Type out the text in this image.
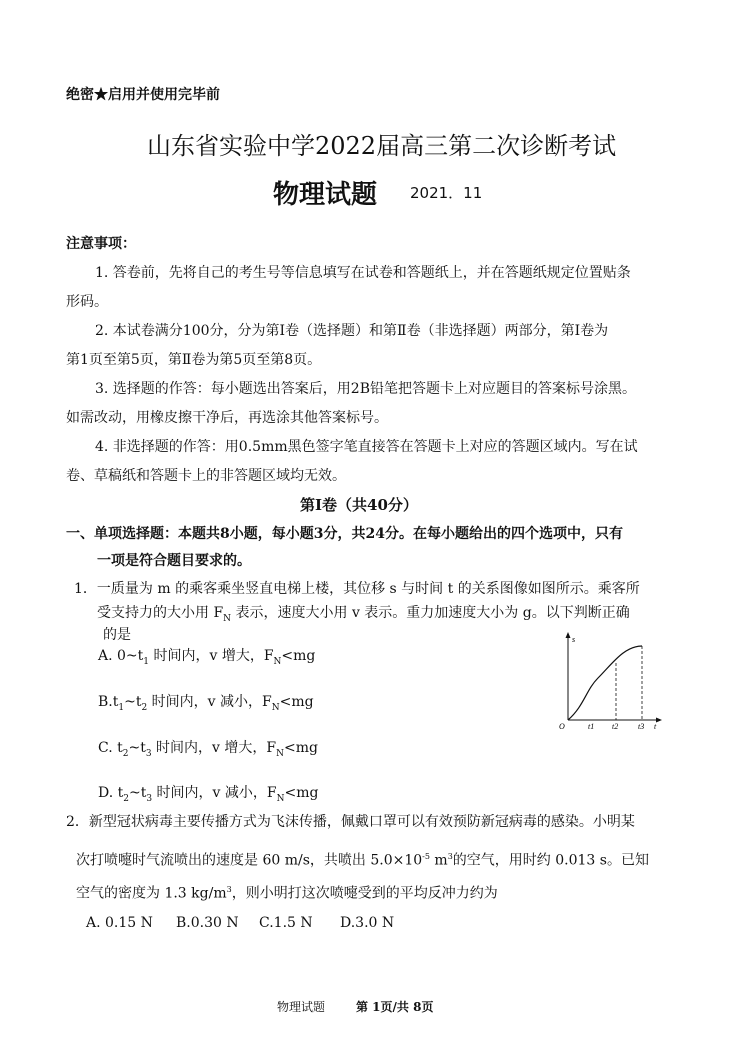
绝密★启用并使用完毕前
山东省实验中学2022届高三第二次诊断考试
物理试题 2021．11
注意事项：
1. 答卷前，先将自己的考生号等信息填写在试卷和答题纸上，并在答题纸规定位置贴条
形码。
2. 本试卷满分100分，分为第Ⅰ卷（选择题）和第Ⅱ卷（非选择题）两部分，第Ⅰ卷为
第1页至第5页，第Ⅱ卷为第5页至第8页。
3. 选择题的作答：每小题选出答案后，用2B铅笔把答题卡上对应题目的答案标号涂黑。
如需改动，用橡皮擦干净后，再选涂其他答案标号。
4. 非选择题的作答：用0.5mm黑色签字笔直接答在答题卡上对应的答题区域内。写在试
卷、草稿纸和答题卡上的非答题区域均无效。
第Ⅰ卷（共40分）
一、单项选择题：本题共8小题，每小题3分，共24分。在每小题给出的四个选项中，只有
一项是符合题目要求的。
1．一质量为 m 的乘客乘坐竖直电梯上楼，其位移 s 与时间 t 的关系图像如图所示。乘客所
受支持力的大小用 $F_N$ 表示，速度大小用 v 表示。重力加速度大小为 g。以下判断正确
的是
A. $0\sim t_1$ 时间内，v 增大，$F_N<mg$
$B.t_1\sim t_2$ 时间内，v 减小，$F_N<mg$
C. $t_2\sim t_3$ 时间内，v 增大，$F_N<mg$
D. $t_2\sim t_3$ 时间内，v 减小，$F_N<mg$
s
O	t1 t2 t3 t
2．新型冠状病毒主要传播方式为飞沫传播，佩戴口罩可以有效预防新冠病毒的感染。小明某
次打喷嚏时气流喷出的速度是 60 m/s，共喷出 $5.0\times 10^{-5}$ $m^3$的空气，用时约 0.013 s。已知
空气的密度为 1.3 $kg/m^3$，则小明打这次喷嚏受到的平均反冲力约为
A. 0.15 N B.0.30 N C.1.5 N D.3.0 N
物理试题	第 1页/共 8页
